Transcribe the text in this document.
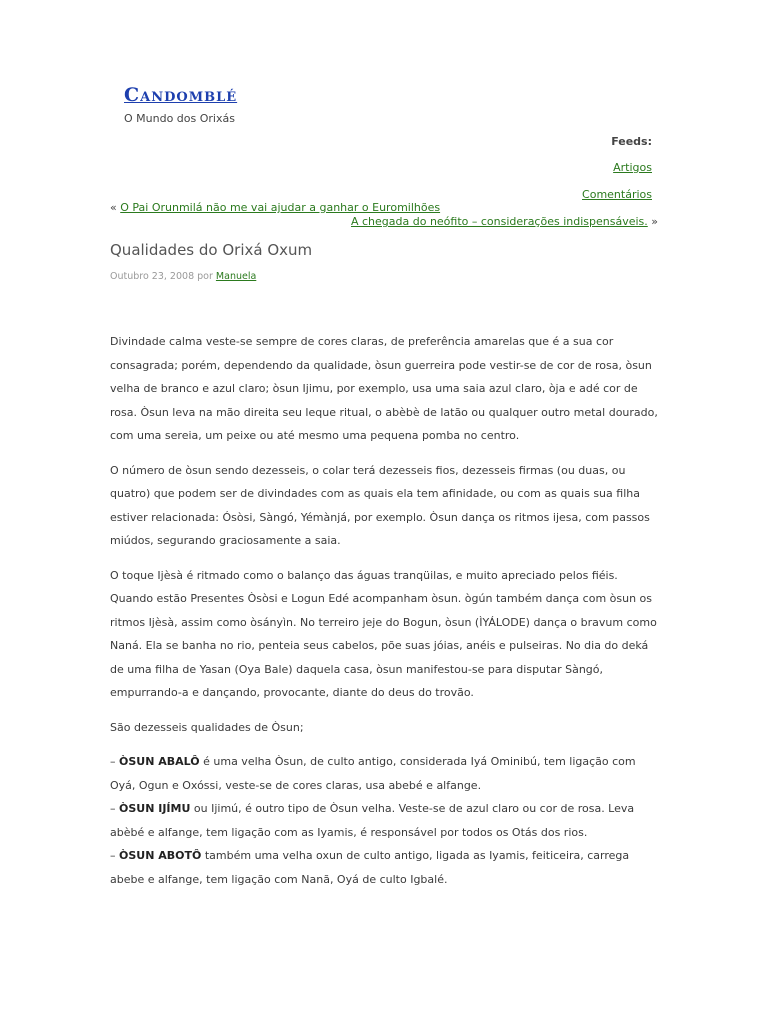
Candomblé
O Mundo dos Orixás
Feeds:
Artigos
Comentários
« O Pai Orunmilá não me vai ajudar a ganhar o Euromilhões
A chegada do neófito – considerações indispensáveis. »
Qualidades do Orixá Oxum
Outubro 23, 2008 por Manuela

Divindade calma veste-se sempre de cores claras, de preferência amarelas que é a sua cor consagrada; porém, dependendo da qualidade, òsun guerreira pode vestir-se de cor de rosa, òsun velha de branco e azul claro; òsun Ijimu, por exemplo, usa uma saia azul claro, òja e adé cor de rosa. Òsun leva na mão direita seu leque ritual, o abèbè de latão ou qualquer outro metal dourado, com uma sereia, um peixe ou até mesmo uma pequena pomba no centro.

O número de òsun sendo dezesseis, o colar terá dezesseis fios, dezesseis firmas (ou duas, ou quatro) que podem ser de divindades com as quais ela tem afinidade, ou com as quais sua filha estiver relacionada: Ósòsi, Sàngó, Yémànjá, por exemplo. Òsun dança os ritmos ijesa, com passos miúdos, segurando graciosamente a saia.

O toque Ijèsà é ritmado como o balanço das águas tranqüilas, e muito apreciado pelos fiéis. Quando estão Presentes Òsòsi e Logun Edé acompanham òsun. ògún também dança com òsun os ritmos Ijèsà, assim como òsányìn. No terreiro jeje do Bogun, òsun (ÌYÁLODE) dança o bravum como Naná. Ela se banha no rio, penteia seus cabelos, põe suas jóias, anéis e pulseiras. No dia do deká de uma filha de Yasan (Oya Bale) daquela casa, òsun manifestou-se para disputar Sàngó, empurrando-a e dançando, provocante, diante do deus do trovão.

São dezesseis qualidades de Òsun;

– ÒSUN ABALÔ é uma velha Òsun, de culto antigo, considerada Iyá Ominibú, tem ligação com Oyá, Ogun e Oxóssi, veste-se de cores claras, usa abebé e alfange.

– ÒSUN IJÍMU ou Ijimú, é outro tipo de Òsun velha. Veste-se de azul claro ou cor de rosa. Leva abèbé e alfange, tem ligação com as Iyamis, é responsável por todos os Otás dos rios.

– ÒSUN ABOTÔ também uma velha oxun de culto antigo, ligada as Iyamis, feiticeira, carrega abebe e alfange, tem ligação com Nanã, Oyá de culto Igbalé.
